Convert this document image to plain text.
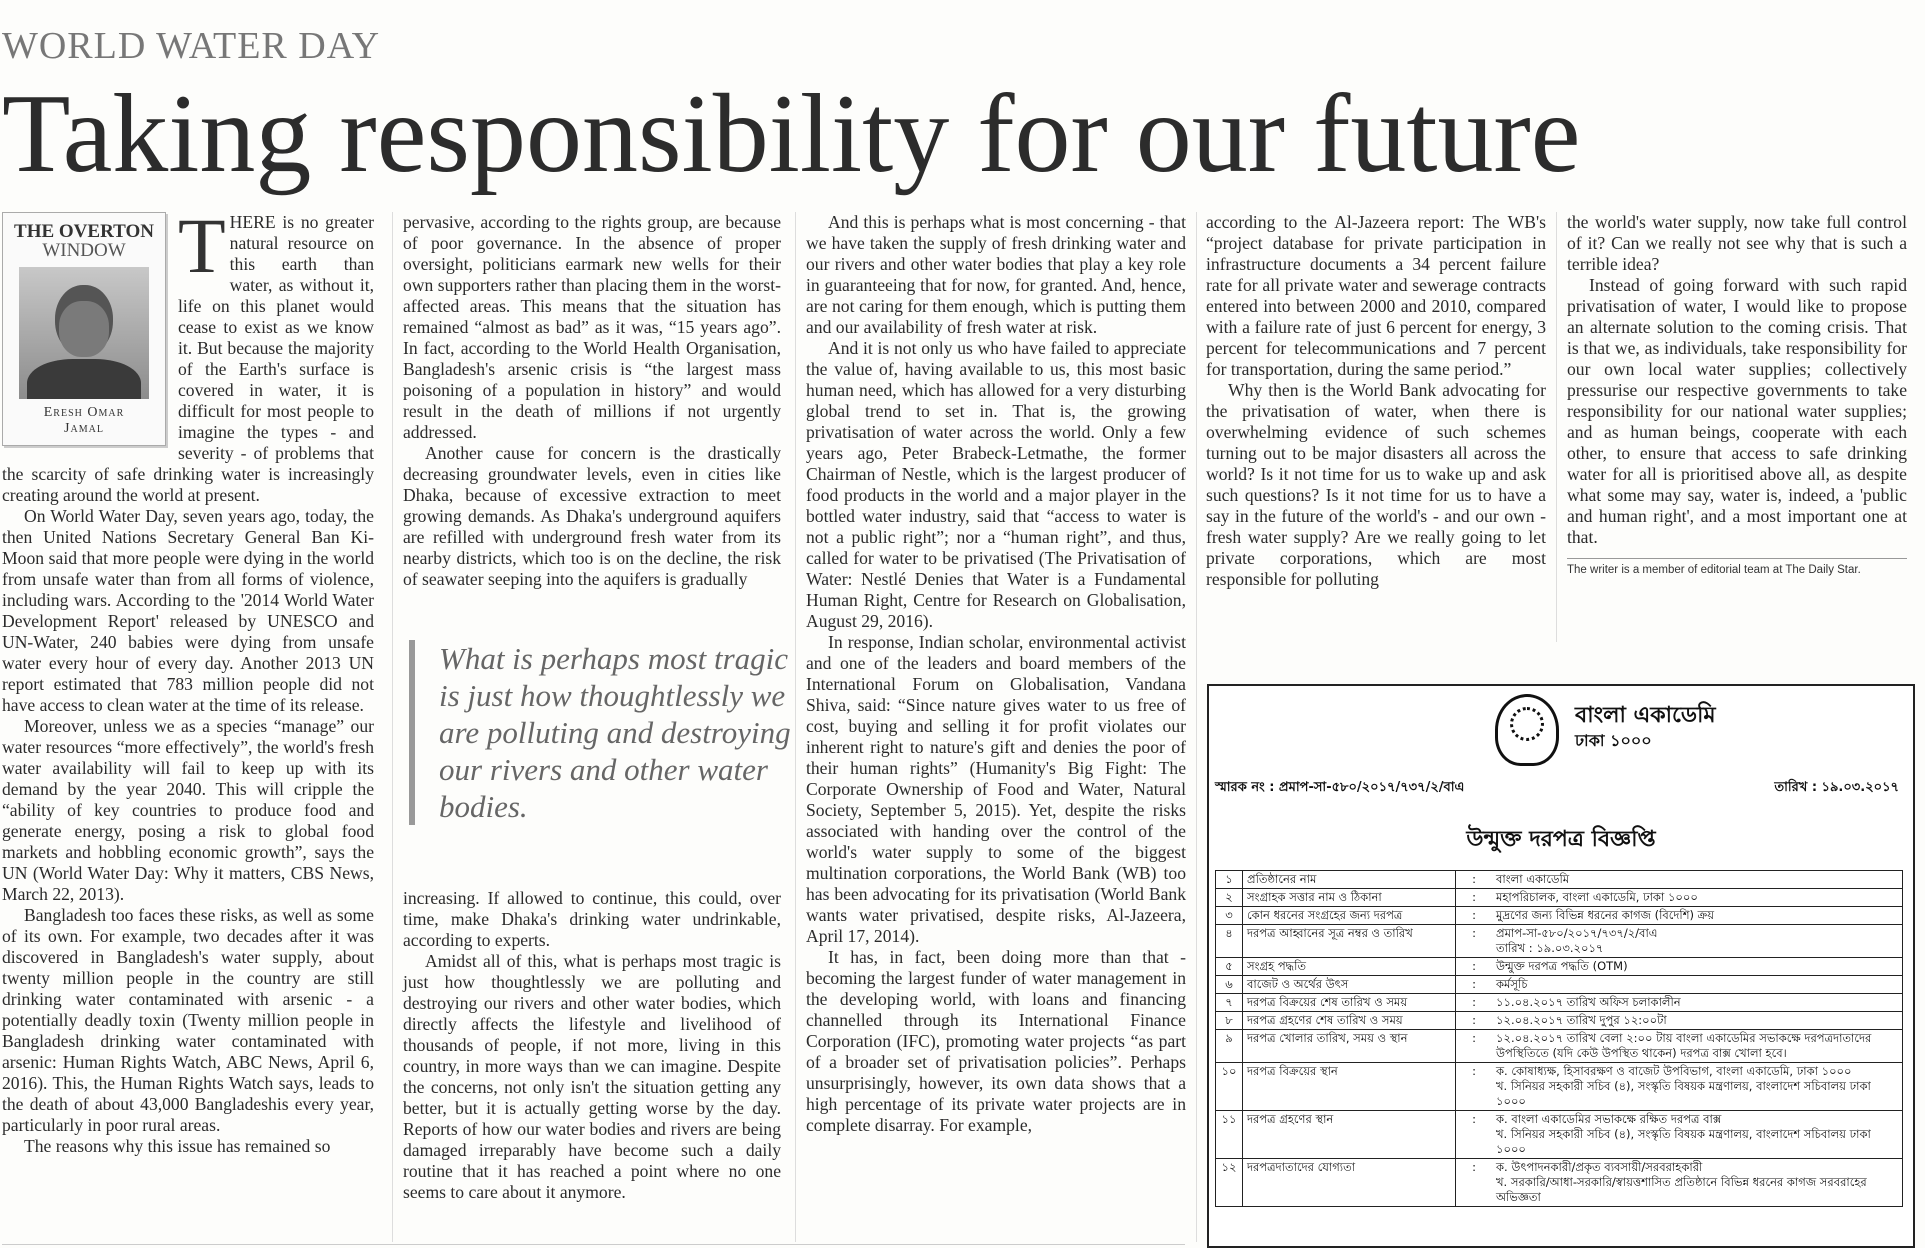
WORLD WATER DAY
Taking responsibility for our future
THE OVERTON
WINDOW
Eresh Omar
Jamal

THERE is no greater natural resource on this earth than water, as without it, life on this planet would cease to exist as we know it. But because the majority of the Earth's surface is covered in water, it is difficult for most people to imagine the types - and severity - of problems that the scarcity of safe drinking water is increasingly creating around the world at present.

On World Water Day, seven years ago, today, the then United Nations Secretary General Ban Ki-Moon said that more people were dying in the world from unsafe water than from all forms of violence, including wars. According to the '2014 World Water Development Report' released by UNESCO and UN-Water, 240 babies were dying from unsafe water every hour of every day. Another 2013 UN report estimated that 783 million people did not have access to clean water at the time of its release.

Moreover, unless we as a species “manage” our water resources “more effectively”, the world's fresh water availability will fail to keep up with its demand by the year 2040. This will cripple the “ability of key countries to produce food and generate energy, posing a risk to global food markets and hobbling economic growth”, says the UN (World Water Day: Why it matters, CBS News, March 22, 2013).

Bangladesh too faces these risks, as well as some of its own. For example, two decades after it was discovered in Bangladesh's water supply, about twenty million people in the country are still drinking water contaminated with arsenic - a potentially deadly toxin (Twenty million people in Bangladesh drinking water contaminated with arsenic: Human Rights Watch, ABC News, April 6, 2016). This, the Human Rights Watch says, leads to the death of about 43,000 Bangladeshis every year, particularly in poor rural areas.

The reasons why this issue has remained so

pervasive, according to the rights group, are because of poor governance. In the absence of proper oversight, politicians earmark new wells for their own supporters rather than placing them in the worst-affected areas. This means that the situation has remained “almost as bad” as it was, “15 years ago”. In fact, according to the World Health Organisation, Bangladesh's arsenic crisis is “the largest mass poisoning of a population in history” and would result in the death of millions if not urgently addressed.

Another cause for concern is the drastically decreasing groundwater levels, even in cities like Dhaka, because of excessive extraction to meet growing demands. As Dhaka's underground aquifers are refilled with underground fresh water from its nearby districts, which too is on the decline, the risk of seawater seeping into the aquifers is gradually

What is perhaps most tragic is just how thoughtlessly we are polluting and destroying our rivers and other water bodies.

increasing. If allowed to continue, this could, over time, make Dhaka's drinking water undrinkable, according to experts.

Amidst all of this, what is perhaps most tragic is just how thoughtlessly we are polluting and destroying our rivers and other water bodies, which directly affects the lifestyle and livelihood of thousands of people, if not more, living in this country, in more ways than we can imagine. Despite the concerns, not only isn't the situation getting any better, but it is actually getting worse by the day. Reports of how our water bodies and rivers are being damaged irreparably have become such a daily routine that it has reached a point where no one seems to care about it anymore.

And this is perhaps what is most concerning - that we have taken the supply of fresh drinking water and our rivers and other water bodies that play a key role in guaranteeing that for now, for granted. And, hence, are not caring for them enough, which is putting them and our availability of fresh water at risk.

And it is not only us who have failed to appreciate the value of, having available to us, this most basic human need, which has allowed for a very disturbing global trend to set in. That is, the growing privatisation of water across the world. Only a few years ago, Peter Brabeck-Letmathe, the former Chairman of Nestle, which is the largest producer of food products in the world and a major player in the bottled water industry, said that “access to water is not a public right”; nor a “human right”, and thus, called for water to be privatised (The Privatisation of Water: Nestlé Denies that Water is a Fundamental Human Right, Centre for Research on Globalisation, August 29, 2016).

In response, Indian scholar, environmental activist and one of the leaders and board members of the International Forum on Globalisation, Vandana Shiva, said: “Since nature gives water to us free of cost, buying and selling it for profit violates our inherent right to nature's gift and denies the poor of their human rights” (Humanity's Big Fight: The Corporate Ownership of Food and Water, Natural Society, September 5, 2015). Yet, despite the risks associated with handing over the control of the world's water supply to some of the biggest multination corporations, the World Bank (WB) too has been advocating for its privatisation (World Bank wants water privatised, despite risks, Al-Jazeera, April 17, 2014).

It has, in fact, been doing more than that - becoming the largest funder of water management in the developing world, with loans and financing channelled through its International Finance Corporation (IFC), promoting water projects “as part of a broader set of privatisation policies”. Perhaps unsurprisingly, however, its own data shows that a high percentage of its private water projects are in complete disarray. For example,

according to the Al-Jazeera report: The WB's “project database for private participation in infrastructure documents a 34 percent failure rate for all private water and sewerage contracts entered into between 2000 and 2010, compared with a failure rate of just 6 percent for energy, 3 percent for telecommunications and 7 percent for transportation, during the same period.”

Why then is the World Bank advocating for the privatisation of water, when there is overwhelming evidence of such schemes turning out to be major disasters all across the world? Is it not time for us to wake up and ask such questions? Is it not time for us to have a say in the future of the world's - and our own - fresh water supply? Are we really going to let private corporations, which are most responsible for polluting

the world's water supply, now take full control of it? Can we really not see why that is such a terrible idea?

Instead of going forward with such rapid privatisation of water, I would like to propose an alternate solution to the coming crisis. That is that we, as individuals, take responsibility for our own local water supplies; collectively pressurise our respective governments to take responsibility for our national water supplies; and as human beings, cooperate with each other, to ensure that access to safe drinking water for all is prioritised above all, as despite what some may say, water is, indeed, a 'public and human right', and a most important one at that.

The writer is a member of editorial team at The Daily Star.
বাংলা একাডেমি
ঢাকা ১০০০
স্মারক নং : প্রমাপ-সা-৫৮০/২০১৭/৭৩৭/২/বাএ	তারিখ : ১৯.০৩.২০১৭
উন্মুক্ত দরপত্র বিজ্ঞপ্তি
১	প্রতিষ্ঠানের নাম	:	বাংলা একাডেমি

২	সংগ্রাহক সত্তার নাম ও ঠিকানা	:	মহাপরিচালক, বাংলা একাডেমি, ঢাকা ১০০০

৩	কোন ধরনের সংগ্রহের জন্য দরপত্র	:	মুদ্রণের জন্য বিভিন্ন ধরনের কাগজ (বিদেশি) ক্রয়

৪	দরপত্র আহ্বানের সূত্র নম্বর ও তারিখ	:	প্রমাপ-সা-৫৮০/২০১৭/৭৩৭/২/বাএ
তারিখ : ১৯.০৩.২০১৭

৫	সংগ্রহ পদ্ধতি	:	উন্মুক্ত দরপত্র পদ্ধতি (OTM)

৬	বাজেট ও অর্থের উৎস	:	কর্মসূচি

৭	দরপত্র বিক্রয়ের শেষ তারিখ ও সময়	:	১১.০৪.২০১৭ তারিখ অফিস চলাকালীন

৮	দরপত্র গ্রহণের শেষ তারিখ ও সময়	:	১২.০৪.২০১৭ তারিখ দুপুর ১২:০০টা

৯	দরপত্র খোলার তারিখ, সময় ও স্থান	:	১২.০৪.২০১৭ তারিখ বেলা ২:০০ টায় বাংলা একাডেমির সভাকক্ষে দরপত্রদাতাদের
উপস্থিতিতে (যদি কেউ উপস্থিত থাকেন) দরপত্র বাক্স খোলা হবে।

১০	দরপত্র বিক্রয়ের স্থান	:	ক. কোষাধ্যক্ষ, হিসাবরক্ষণ ও বাজেট উপবিভাগ, বাংলা একাডেমি, ঢাকা ১০০০
খ. সিনিয়র সহকারী সচিব (৪), সংস্কৃতি বিষয়ক মন্ত্রণালয়, বাংলাদেশ সচিবালয় ঢাকা ১০০০

১১	দরপত্র গ্রহণের স্থান	:	ক. বাংলা একাডেমির সভাকক্ষে রক্ষিত দরপত্র বাক্স
খ. সিনিয়র সহকারী সচিব (৪), সংস্কৃতি বিষয়ক মন্ত্রণালয়, বাংলাদেশ সচিবালয় ঢাকা ১০০০

১২	দরপত্রদাতাদের যোগ্যতা	:	ক. উৎপাদনকারী/প্রকৃত ব্যবসায়ী/সরবরাহকারী
খ. সরকারি/আধা-সরকারি/স্বায়ত্তশাসিত প্রতিষ্ঠানে বিভিন্ন ধরনের কাগজ সরবরাহের অভিজ্ঞতা
